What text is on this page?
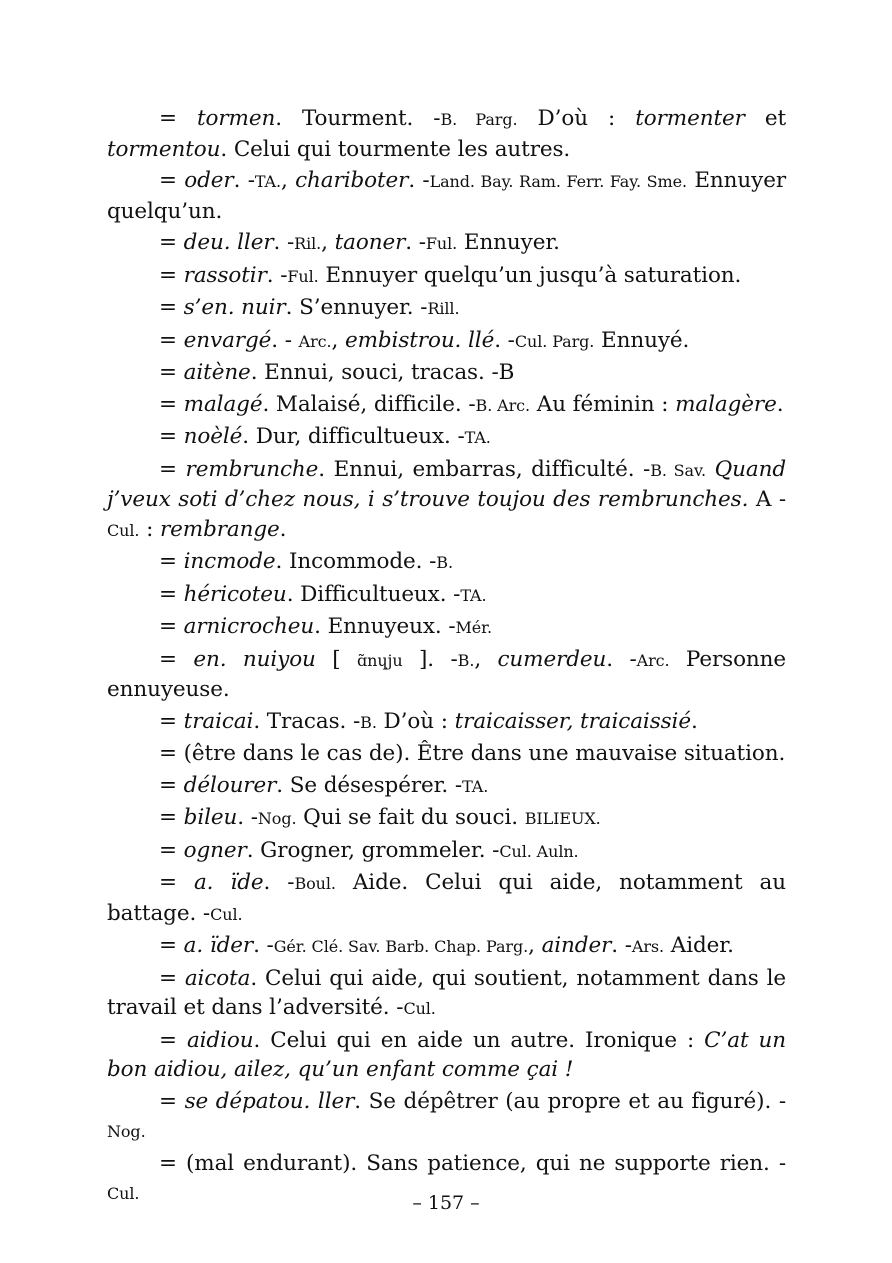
= tormen. Tourment. -B. Parg. D’où : tormenter et tormentou. Celui qui tourmente les autres.

= oder. -TA., chariboter. -Land. Bay. Ram. Ferr. Fay. Sme. Ennuyer quelqu’un.

= deu. ller. -Ril., taoner. -Ful. Ennuyer.

= rassotir. -Ful. Ennuyer quelqu’un jusqu’à saturation.

= s’en. nuir. S’ennuyer. -Rill.

= envargé. - Arc., embistrou. llé. -Cul. Parg. Ennuyé.

= aitène. Ennui, souci, tracas. -B

= malagé. Malaisé, difficile. -B. Arc. Au féminin : malagère.

= noèlé. Dur, difficultueux. -TA.

= rembrunche. Ennui, embarras, difficulté. -B. Sav. Quand j’veux soti d’chez nous, i s’trouve toujou des rembrunches. A -Cul. : rembrange.

= incmode. Incommode. -B.

= héricoteu. Difficultueux. -TA.

= arnicrocheu. Ennuyeux. -Mér.

= en. nuiyou [ ɑ̃nɥju ]. -B., cumerdeu. -Arc. Personne ennuyeuse.

= traicai. Tracas. -B. D’où : traicaisser, traicaissié.

= (être dans le cas de). Être dans une mauvaise situation.

= délourer. Se désespérer. -TA.

= bileu. -Nog. Qui se fait du souci. BILIEUX.

= ogner. Grogner, grommeler. -Cul. Auln.

= a. ïde. -Boul. Aide. Celui qui aide, notamment au battage. -Cul.

= a. ïder. -Gér. Clé. Sav. Barb. Chap. Parg., ainder. -Ars. Aider.

= aicota. Celui qui aide, qui soutient, notamment dans le travail et dans l’adversité. -Cul.

= aidiou. Celui qui en aide un autre. Ironique : C’at un bon aidiou, ailez, qu’un enfant comme çai !

= se dépatou. ller. Se dépêtrer (au propre et au figuré). -Nog.

= (mal endurant). Sans patience, qui ne supporte rien. -Cul.	– 157 –
